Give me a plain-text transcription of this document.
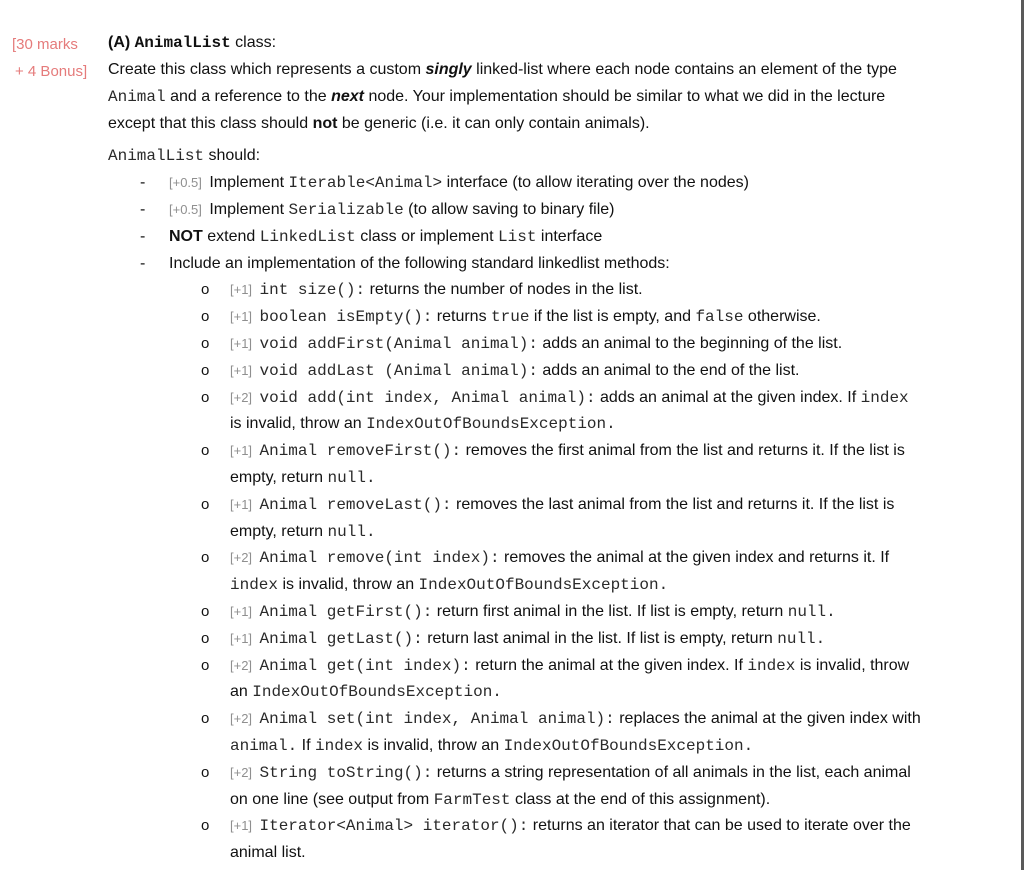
[30 marks
+ 4 Bonus]
(A) AnimalList class:

Create this class which represents a custom singly linked-list where each node contains an element of the type Animal and a reference to the next node. Your implementation should be similar to what we did in the lecture except that this class should not be generic (i.e. it can only contain animals).

AnimalList should:
- [+0.5] Implement Iterable<Animal> interface (to allow iterating over the nodes)
- [+0.5] Implement Serializable (to allow saving to binary file)
- NOT extend LinkedList class or implement List interface
- Include an implementation of the following standard linkedlist methods:
o [+1] int size(): returns the number of nodes in the list.
o [+1] boolean isEmpty(): returns true if the list is empty, and false otherwise.
o [+1] void addFirst(Animal animal): adds an animal to the beginning of the list.
o [+1] void addLast (Animal animal): adds an animal to the end of the list.
o [+2] void add(int index, Animal animal): adds an animal at the given index. If index is invalid, throw an IndexOutOfBoundsException.
o [+1] Animal removeFirst(): removes the first animal from the list and returns it. If the list is empty, return null.
o [+1] Animal removeLast(): removes the last animal from the list and returns it. If the list is empty, return null.
o [+2] Animal remove(int index): removes the animal at the given index and returns it. If index is invalid, throw an IndexOutOfBoundsException.
o [+1] Animal getFirst(): return first animal in the list. If list is empty, return null.
o [+1] Animal getLast(): return last animal in the list. If list is empty, return null.
o [+2] Animal get(int index): return the animal at the given index. If index is invalid, throw an IndexOutOfBoundsException.
o [+2] Animal set(int index, Animal animal): replaces the animal at the given index with animal. If index is invalid, throw an IndexOutOfBoundsException.
o [+2] String toString(): returns a string representation of all animals in the list, each animal on one line (see output from FarmTest class at the end of this assignment).
o [+1] Iterator<Animal> iterator(): returns an iterator that can be used to iterate over the animal list.
